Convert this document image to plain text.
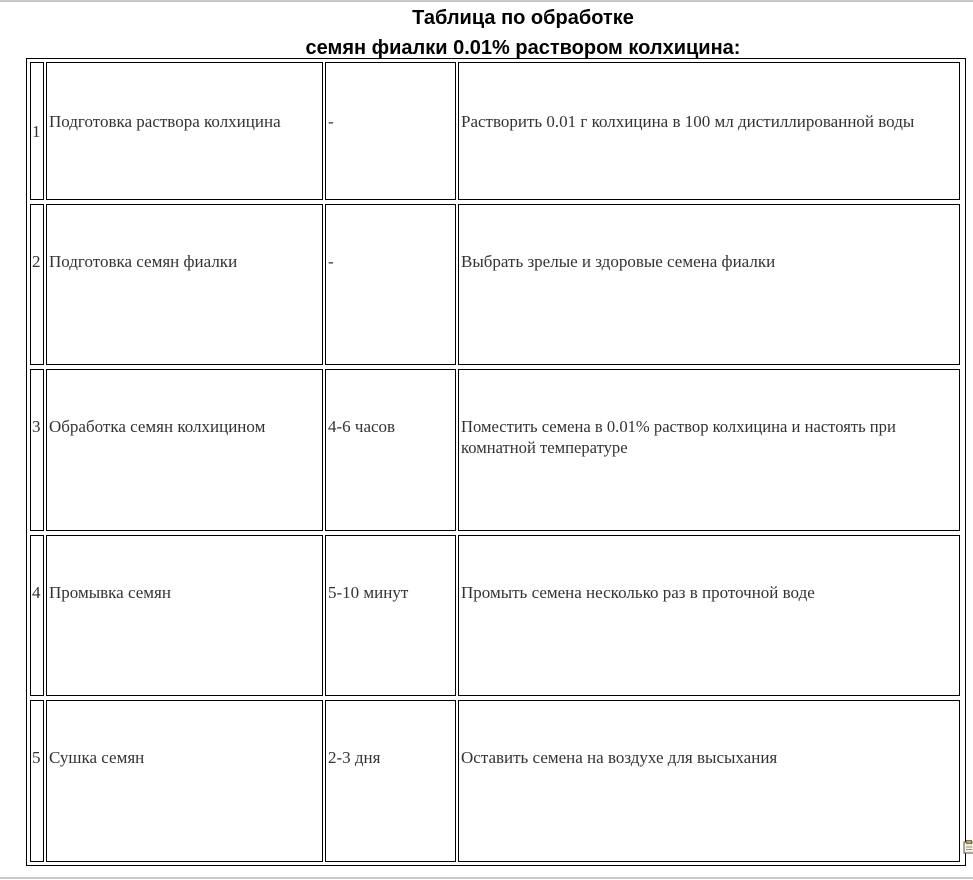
Таблица по обработке
семян фиалки 0.01% раствором колхицина:
1 Подготовка раствора колхицина	-	Растворить 0.01 г колхицина в 100 мл дистиллированной воды
2 Подготовка семян фиалки	-	Выбрать зрелые и здоровые семена фиалки
3 Обработка семян колхицином	4-6 часов	Поместить семена в 0.01% раствор колхицина и настоять при комнатной температуре
4 Промывка семян	5-10 минут	Промыть семена несколько раз в проточной воде
5 Сушка семян	2-3 дня	Оставить семена на воздухе для высыхания
